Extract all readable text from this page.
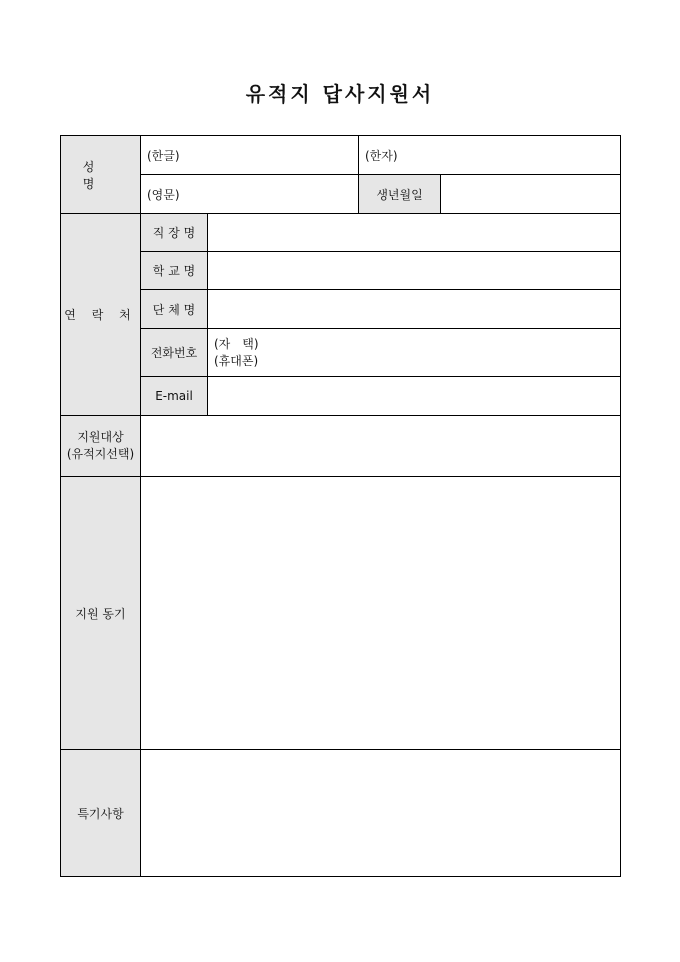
유적지 답사지원서
성 명
(한글)	(한자)
(영문)	생년월일
연 락 처
직 장 명
학 교 명
단 체 명
전화번호
(자　택)
(휴대폰)
E-mail
지원대상
(유적지선택)
지원 동기
특기사항
